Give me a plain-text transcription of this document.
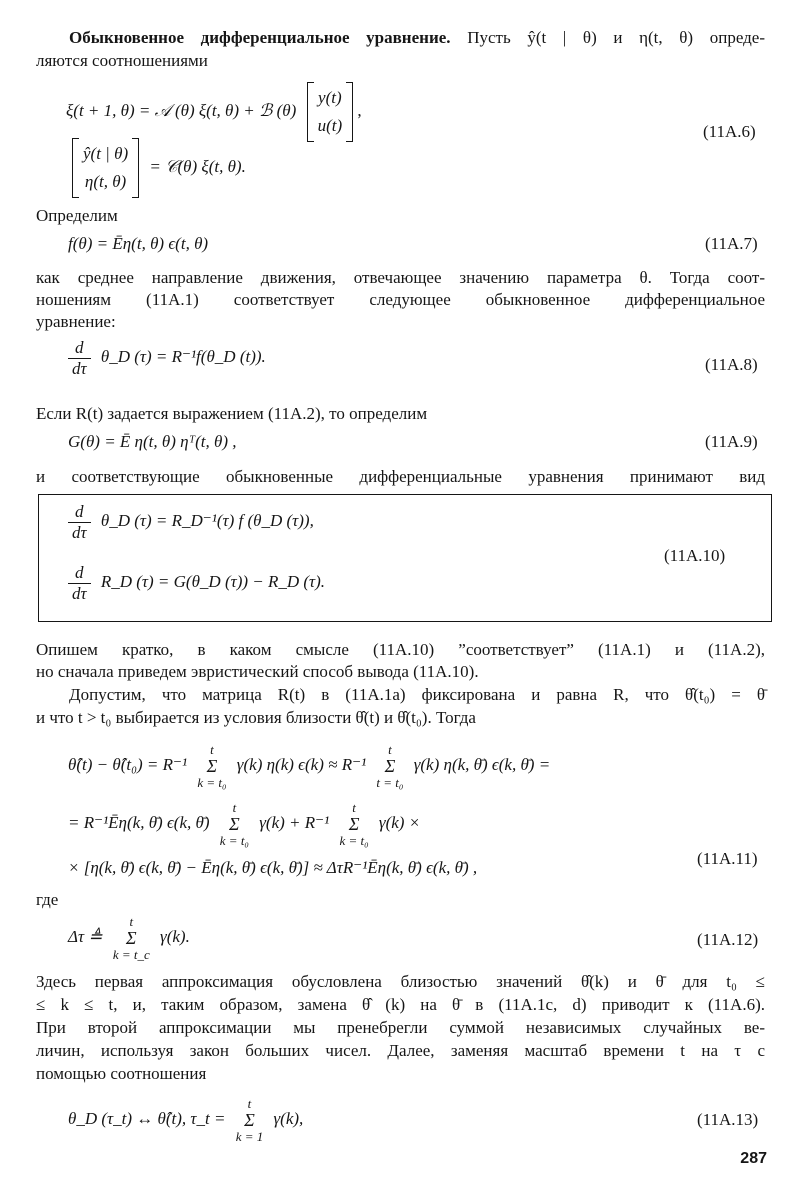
Обыкновенное дифференциальное уравнение. Пусть ŷ(t | θ) и η(t, θ) опреде-
ляются соотношениями
ξ(t + 1, θ) = 𝒜 (θ) ξ(t, θ) + ℬ (θ)
y(t)
u(t)
,
(11A.6)
ŷ(t | θ)
η(t, θ)
= 𝒞(θ) ξ(t, θ).
Определим
f(θ) = Ēη(t, θ) ϵ(t, θ)	(11A.7)
как среднее направление движения, отвечающее значению параметра θ. Тогда соот-
ношениям (11A.1) соответствует следующее обыкновенное дифференциальное
уравнение:
$\frac{d}{d\tau}$ θ_D (τ) = R⁻¹f(θ_D (t)).	(11A.8)
Если R(t) задается выражением (11A.2), то определим
G(θ) = Ē η(t, θ) ηᵀ(t, θ) ,	(11A.9)
и соответствующие обыкновенные дифференциальные уравнения принимают вид
$\frac{d}{d\tau}$ θ_D (τ) = R_D⁻¹(τ) f (θ_D (τ)),
$\frac{d}{d\tau}$ R_D (τ) = G(θ_D (τ)) − R_D (τ).
(11A.10)
Опишем кратко, в каком смысле (11A.10) ”соответствует” (11A.1) и (11A.2),
но сначала приведем эвристический способ вывода (11A.10).
Допустим, что матрица R(t) в (11A.1a) фиксирована и равна R, что θ̂(t₀) = θ̄
и что t > t₀ выбирается из условия близости θ̂(t) и θ̂(t₀). Тогда
θ̂(t) − θ̂(t₀) = R⁻¹ t
Σ
k = t₀ γ(k) η(k) ϵ(k) ≈ R⁻¹ t
Σ
t = t₀ γ(k) η(k, θ̄) ϵ(k, θ̄) =
= R⁻¹Ēη(k, θ̄) ϵ(k, θ̄) t
Σ
k = t₀ γ(k) + R⁻¹ t
Σ
k = t₀ γ(k) ×
× [η(k, θ̄) ϵ(k, θ̄) − Ēη(k, θ̄) ϵ(k, θ̄)] ≈ ΔτR⁻¹Ēη(k, θ̄) ϵ(k, θ̄) ,	(11A.11)
где
Δτ ≜ t
Σ
k = t_c γ(k).	(11A.12)
Здесь первая аппроксимация обусловлена близостью значений θ̂(k) и θ̄ для t₀ ≤
≤ k ≤ t, и, таким образом, замена θ̂ (k) на θ̄ в (11A.1c, d) приводит к (11A.6).
При второй аппроксимации мы пренебрегли суммой независимых случайных ве-
личин, используя закон больших чисел. Далее, заменяя масштаб времени t на τ с
помощью соотношения
θ_D (τ_t) ↔ θ̂(t), τ_t = t
Σ
k = 1 γ(k),	(11A.13)
287
